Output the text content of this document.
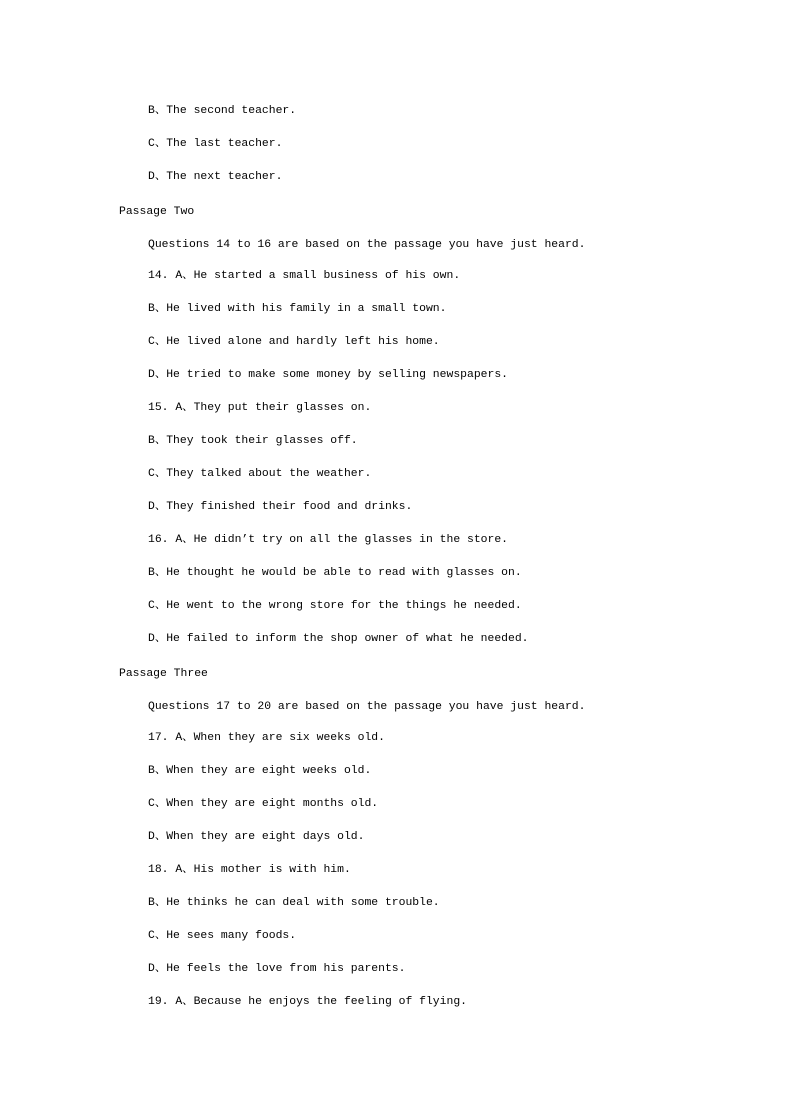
B、The second teacher.
C、The last teacher.
D、The next teacher.
Passage Two
Questions 14 to 16 are based on the passage you have just heard.
14. A、He started a small business of his own.
B、He lived with his family in a small town.
C、He lived alone and hardly left his home.
D、He tried to make some money by selling newspapers.
15. A、They put their glasses on.
B、They took their glasses off.
C、They talked about the weather.
D、They finished their food and drinks.
16. A、He didn’t try on all the glasses in the store.
B、He thought he would be able to read with glasses on.
C、He went to the wrong store for the things he needed.
D、He failed to inform the shop owner of what he needed.
Passage Three
Questions 17 to 20 are based on the passage you have just heard.
17. A、When they are six weeks old.
B、When they are eight weeks old.
C、When they are eight months old.
D、When they are eight days old.
18. A、His mother is with him.
B、He thinks he can deal with some trouble.
C、He sees many foods.
D、He feels the love from his parents.
19. A、Because he enjoys the feeling of flying.
